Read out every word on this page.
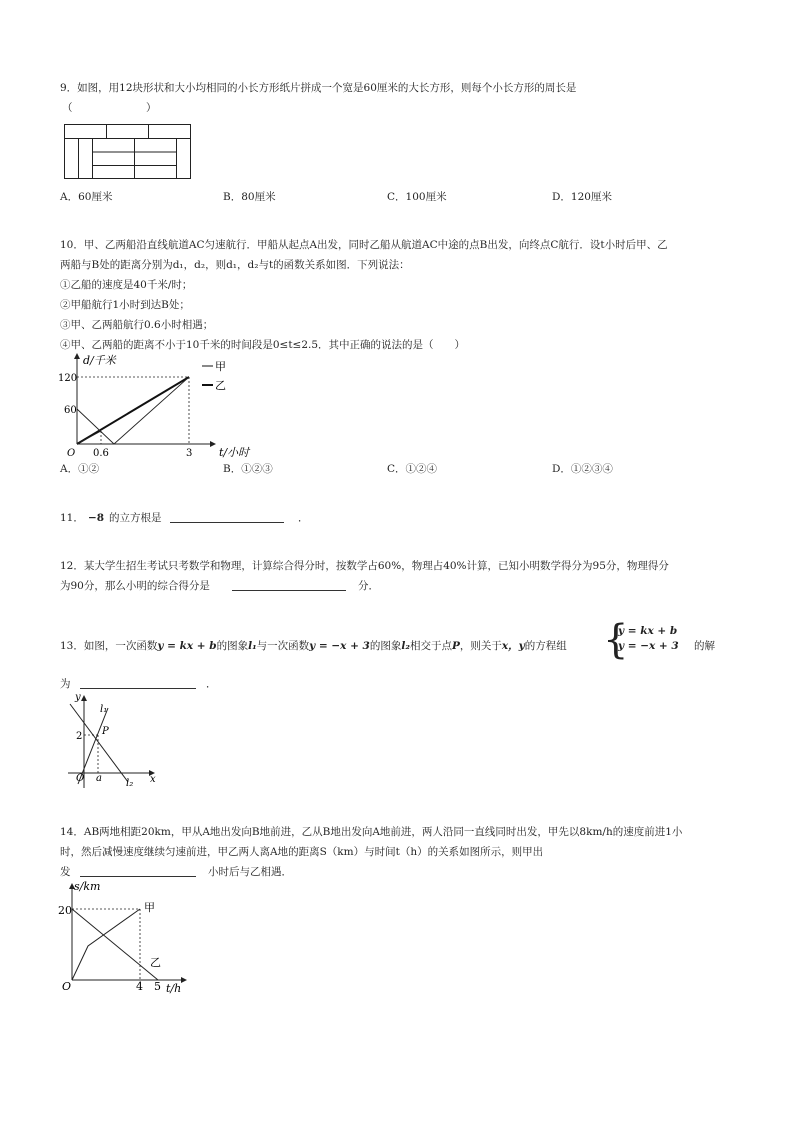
9．如图，用12块形状和大小均相同的小长方形纸片拼成一个宽是60厘米的大长方形，则每个小长方形的周长是
（　　　　　　　）
A．60厘米	B．80厘米	C．100厘米	D．120厘米
10．甲、乙两船沿直线航道AC匀速航行．甲船从起点A出发，同时乙船从航道AC中途的点B出发，向终点C航行．设t小时后甲、乙
两船与B处的距离分别为d₁，d₂，则d₁，d₂与t的函数关系如图．下列说法：
①乙船的速度是40千米/时；
②甲船航行1小时到达B处；
③甲、乙两船航行0.6小时相遇；
④甲、乙两船的距离不小于10千米的时间段是0≤t≤2.5．其中正确的说法的是（　　）
d/千米
t/小时
O
120
60
0.6	3
甲
乙
A．①②	B．①②③	C．①②④	D．①②③④
11． −8 的立方根是	．
12．某大学生招生考试只考数学和物理，计算综合得分时，按数学占60%，物理占40%计算，已知小明数学得分为95分，物理得分
为90分，那么小明的综合得分是	分．
13．如图，一次函数y = kx + b的图象l₁与一次函数y = −x + 3的图象l₂相交于点P，则关于x，y的方程组 {
y = kx + b
y = −x + 3 的解
为	．
y
x
O a
2 P
l₁
l₂
14．AB两地相距20km，甲从A地出发向B地前进，乙从B地出发向A地前进，两人沿同一直线同时出发，甲先以8km/h的速度前进1小
时，然后减慢速度继续匀速前进，甲乙两人离A地的距离S（km）与时间t（h）的关系如图所示，则甲出
发	小时后与乙相遇．
s/km
t/h
O
20
4 5
甲
乙
